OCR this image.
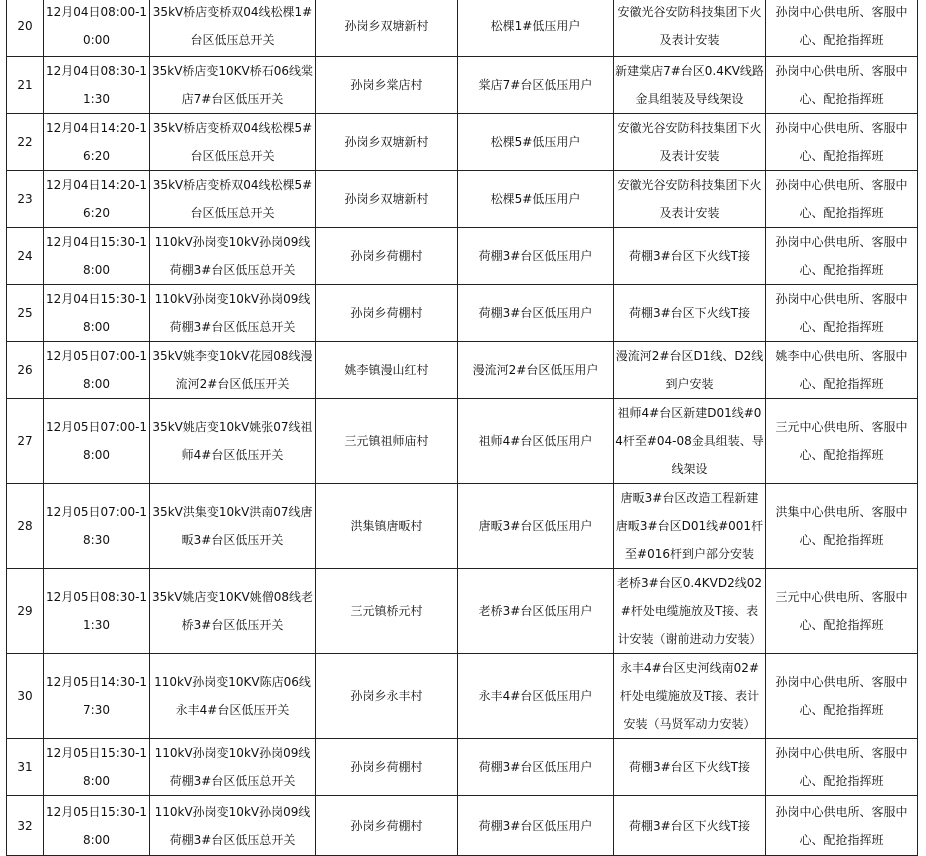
20	12月04日08:00-10:00	35kV桥店变桥双04线松棵1#台区低压总开关	孙岗乡双塘新村	松棵1#低压用户	安徽光谷安防科技集团下火及表计安装	孙岗中心供电所、客服中心、配抢指挥班
21	12月04日08:30-11:30	35kV桥店变10KV桥石06线棠店7#台区低压开关	孙岗乡棠店村	棠店7#台区低压用户	新建棠店7#台区0.4KV线路金具组装及导线架设	孙岗中心供电所、客服中心、配抢指挥班
22	12月04日14:20-16:20	35kV桥店变桥双04线松棵5#台区低压总开关	孙岗乡双塘新村	松棵5#低压用户	安徽光谷安防科技集团下火及表计安装	孙岗中心供电所、客服中心、配抢指挥班
23	12月04日14:20-16:20	35kV桥店变桥双04线松棵5#台区低压总开关	孙岗乡双塘新村	松棵5#低压用户	安徽光谷安防科技集团下火及表计安装	孙岗中心供电所、客服中心、配抢指挥班
24	12月04日15:30-18:00	110kV孙岗变10kV孙岗09线荷棚3#台区低压总开关	孙岗乡荷棚村	荷棚3#台区低压用户	荷棚3#台区下火线T接	孙岗中心供电所、客服中心、配抢指挥班
25	12月04日15:30-18:00	110kV孙岗变10kV孙岗09线荷棚3#台区低压总开关	孙岗乡荷棚村	荷棚3#台区低压用户	荷棚3#台区下火线T接	孙岗中心供电所、客服中心、配抢指挥班
26	12月05日07:00-18:00	35kV姚李变10kV花园08线漫流河2#台区低压开关	姚李镇漫山红村	漫流河2#台区低压用户	漫流河2#台区D1线、D2线到户安装	姚李中心供电所、客服中心、配抢指挥班
27	12月05日07:00-18:00	35kV姚店变10kV姚张07线祖师4#台区低压开关	三元镇祖师庙村	祖师4#台区低压用户	祖师4#台区新建D01线#04杆至#04-08金具组装、导线架设	三元中心供电所、客服中心、配抢指挥班
28	12月05日07:00-18:30	35kV洪集变10kV洪南07线唐畈3#台区低压开关	洪集镇唐畈村	唐畈3#台区低压用户	唐畈3#台区改造工程新建唐畈3#台区D01线#001杆至#016杆到户部分安装	洪集中心供电所、客服中心、配抢指挥班
29	12月05日08:30-11:30	35kV姚店变10KV姚僧08线老桥3#台区低压开关	三元镇桥元村	老桥3#台区低压用户	老桥3#台区0.4KVD2线02#杆处电缆施放及T接、表计安装（谢前进动力安装）	三元中心供电所、客服中心、配抢指挥班
30	12月05日14:30-17:30	110kV孙岗变10KV陈店06线永丰4#台区低压开关	孙岗乡永丰村	永丰4#台区低压用户	永丰4#台区史河线南02#杆处电缆施放及T接、表计安装（马贤军动力安装）	孙岗中心供电所、客服中心、配抢指挥班
31	12月05日15:30-18:00	110kV孙岗变10kV孙岗09线荷棚3#台区低压总开关	孙岗乡荷棚村	荷棚3#台区低压用户	荷棚3#台区下火线T接	孙岗中心供电所、客服中心、配抢指挥班
32	12月05日15:30-18:00	110kV孙岗变10kV孙岗09线荷棚3#台区低压总开关	孙岗乡荷棚村	荷棚3#台区低压用户	荷棚3#台区下火线T接	孙岗中心供电所、客服中心、配抢指挥班
